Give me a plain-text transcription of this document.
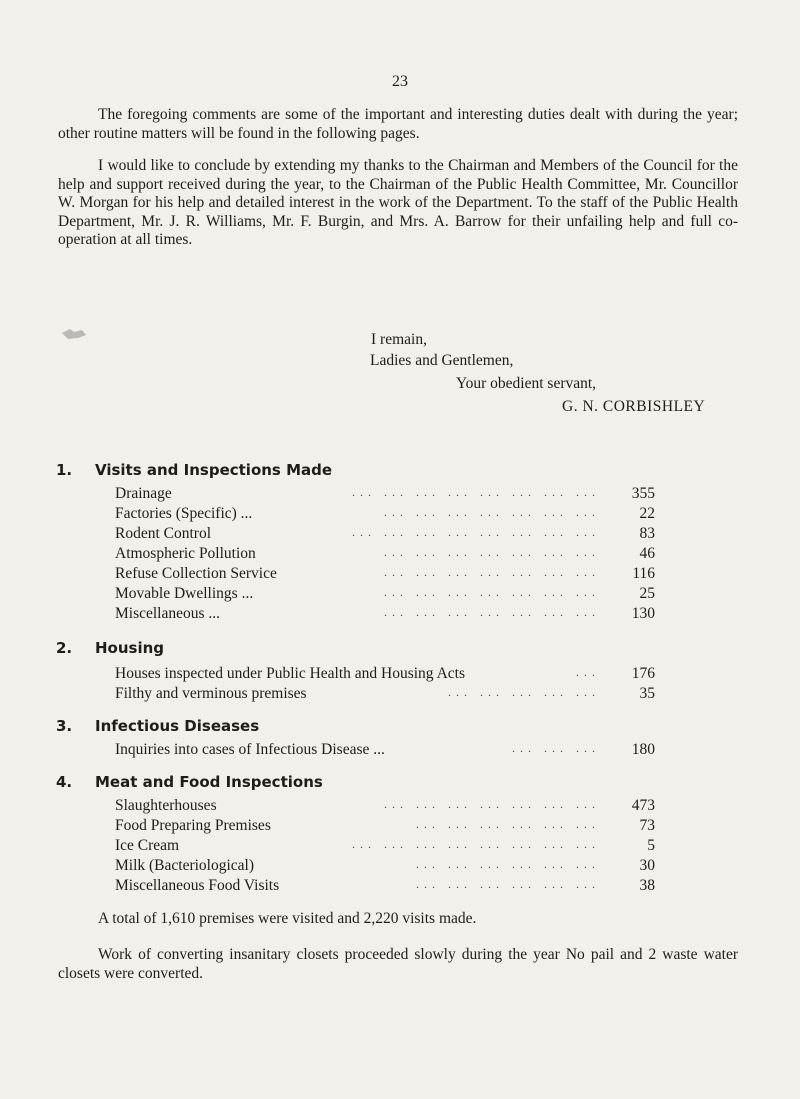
23

The foregoing comments are some of the important and interesting duties dealt with during the year; other routine matters will be found in the following pages.

I would like to conclude by extending my thanks to the Chairman and Members of the Council for the help and support received during the year, to the Chairman of the Public Health Committee, Mr. Councillor W. Morgan for his help and detailed interest in the work of the Department. To the staff of the Public Health Department, Mr. J. R. Williams, Mr. F. Burgin, and Mrs. A. Barrow for their unfailing help and full co-operation at all times.

I remain,
Ladies and Gentlemen,
Your obedient servant,
G. N. CORBISHLEY
1. Visits and Inspections Made
Drainage	... ... ... ... ... ... ... ...	355
Factories (Specific) ...	... ... ... ... ... ... ...	22
Rodent Control	... ... ... ... ... ... ... ...	83
Atmospheric Pollution	... ... ... ... ... ... ...	46
Refuse Collection Service	... ... ... ... ... ... ...	116
Movable Dwellings ...	... ... ... ... ... ... ...	25
Miscellaneous ...	... ... ... ... ... ... ...	130
2. Housing
Houses inspected under Public Health and Housing Acts	...	176
Filthy and verminous premises	... ... ... ... ...	35
3. Infectious Diseases
Inquiries into cases of Infectious Disease ...	... ... ...	180
4. Meat and Food Inspections
Slaughterhouses	... ... ... ... ... ... ...	473
Food Preparing Premises	... ... ... ... ... ...	73
Ice Cream	... ... ... ... ... ... ... ...	5
Milk (Bacteriological)	... ... ... ... ... ...	30
Miscellaneous Food Visits	... ... ... ... ... ...	38

A total of 1,610 premises were visited and 2,220 visits made.

Work of converting insanitary closets proceeded slowly during the year No pail and 2 waste water closets were converted.
